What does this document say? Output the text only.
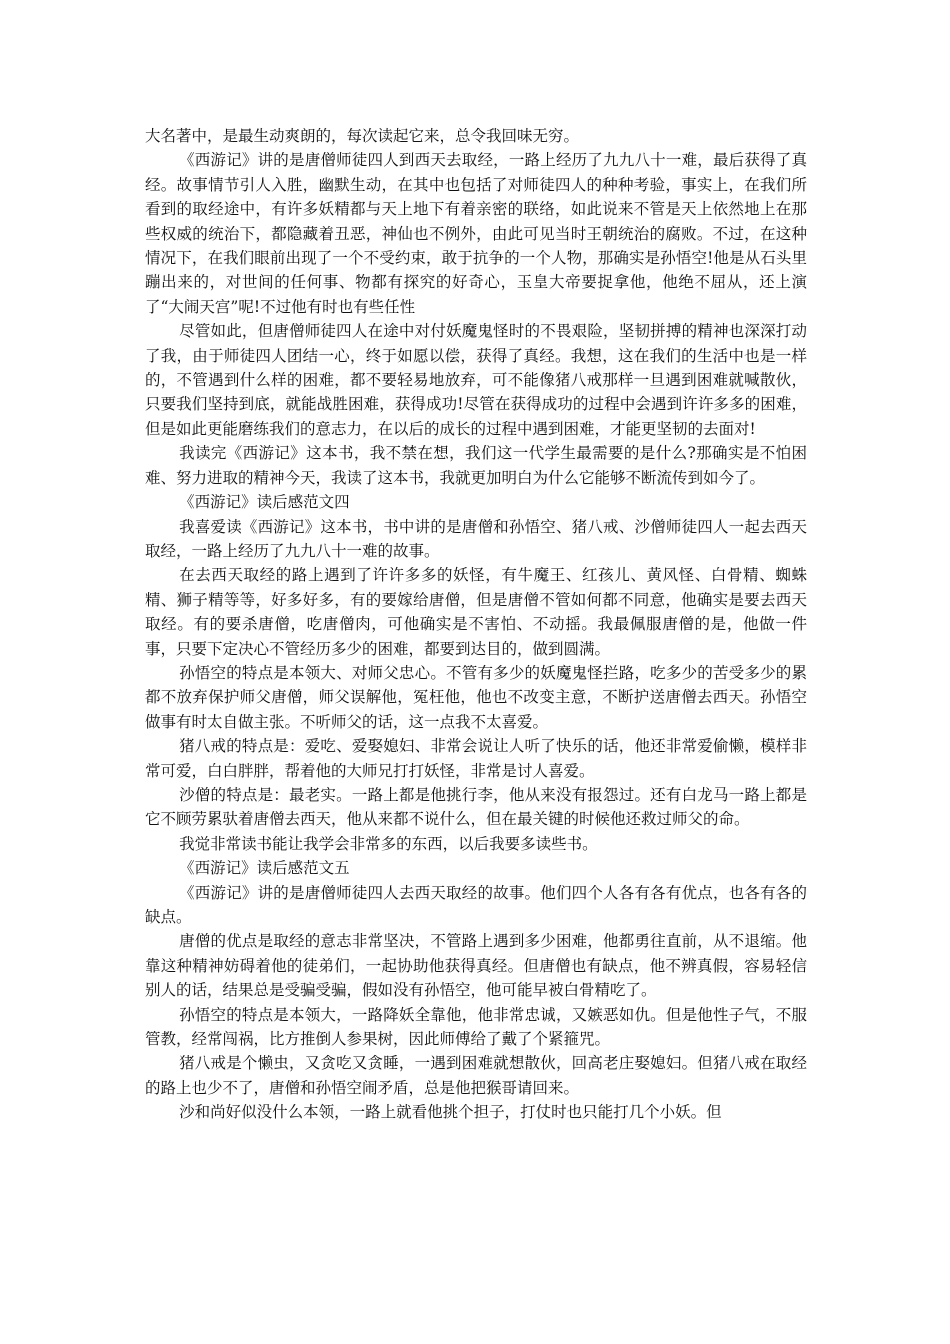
大名著中，是最生动爽朗的，每次读起它来，总令我回味无穷。

《西游记》讲的是唐僧师徒四人到西天去取经，一路上经历了九九八十一难，最后获得了真经。故事情节引人入胜，幽默生动，在其中也包括了对师徒四人的种种考验，事实上，在我们所看到的取经途中，有许多妖精都与天上地下有着亲密的联络，如此说来不管是天上依然地上在那些权威的统治下，都隐藏着丑恶，神仙也不例外，由此可见当时王朝统治的腐败。不过，在这种情况下，在我们眼前出现了一个不受约束，敢于抗争的一个人物，那确实是孙悟空!他是从石头里蹦出来的，对世间的任何事、物都有探究的好奇心，玉皇大帝要捉拿他，他绝不屈从，还上演了“大闹天宫”呢!不过他有时也有些任性

尽管如此，但唐僧师徒四人在途中对付妖魔鬼怪时的不畏艰险，坚韧拼搏的精神也深深打动了我，由于师徒四人团结一心，终于如愿以偿，获得了真经。我想，这在我们的生活中也是一样的，不管遇到什么样的困难，都不要轻易地放弃，可不能像猪八戒那样一旦遇到困难就喊散伙，只要我们坚持到底，就能战胜困难，获得成功!尽管在获得成功的过程中会遇到许许多多的困难，但是如此更能磨练我们的意志力，在以后的成长的过程中遇到困难，才能更坚韧的去面对!

我读完《西游记》这本书，我不禁在想，我们这一代学生最需要的是什么?那确实是不怕困难、努力进取的精神今天，我读了这本书，我就更加明白为什么它能够不断流传到如今了。

《西游记》读后感范文四

我喜爱读《西游记》这本书，书中讲的是唐僧和孙悟空、猪八戒、沙僧师徒四人一起去西天取经，一路上经历了九九八十一难的故事。

在去西天取经的路上遇到了许许多多的妖怪，有牛魔王、红孩儿、黄风怪、白骨精、蜘蛛精、狮子精等等，好多好多，有的要嫁给唐僧，但是唐僧不管如何都不同意，他确实是要去西天取经。有的要杀唐僧，吃唐僧肉，可他确实是不害怕、不动摇。我最佩服唐僧的是，他做一件事，只要下定决心不管经历多少的困难，都要到达目的，做到圆满。

孙悟空的特点是本领大、对师父忠心。不管有多少的妖魔鬼怪拦路，吃多少的苦受多少的累都不放弃保护师父唐僧，师父误解他，冤枉他，他也不改变主意，不断护送唐僧去西天。孙悟空做事有时太自做主张。不听师父的话，这一点我不太喜爱。

猪八戒的特点是：爱吃、爱娶媳妇、非常会说让人听了快乐的话，他还非常爱偷懒，模样非常可爱，白白胖胖，帮着他的大师兄打打妖怪，非常是讨人喜爱。

沙僧的特点是：最老实。一路上都是他挑行李，他从来没有报怨过。还有白龙马一路上都是它不顾劳累驮着唐僧去西天，他从来都不说什么，但在最关键的时候他还救过师父的命。

我觉非常读书能让我学会非常多的东西，以后我要多读些书。

《西游记》读后感范文五

《西游记》讲的是唐僧师徒四人去西天取经的故事。他们四个人各有各有优点，也各有各的缺点。

唐僧的优点是取经的意志非常坚决，不管路上遇到多少困难，他都勇往直前，从不退缩。他靠这种精神妨碍着他的徒弟们，一起协助他获得真经。但唐僧也有缺点，他不辨真假，容易轻信别人的话，结果总是受骗受骗，假如没有孙悟空，他可能早被白骨精吃了。

孙悟空的特点是本领大，一路降妖全靠他，他非常忠诚，又嫉恶如仇。但是他性子气，不服管教，经常闯祸，比方推倒人参果树，因此师傅给了戴了个紧箍咒。

猪八戒是个懒虫，又贪吃又贪睡，一遇到困难就想散伙，回高老庄娶媳妇。但猪八戒在取经的路上也少不了，唐僧和孙悟空闹矛盾，总是他把猴哥请回来。

沙和尚好似没什么本领，一路上就看他挑个担子，打仗时也只能打几个小妖。但
